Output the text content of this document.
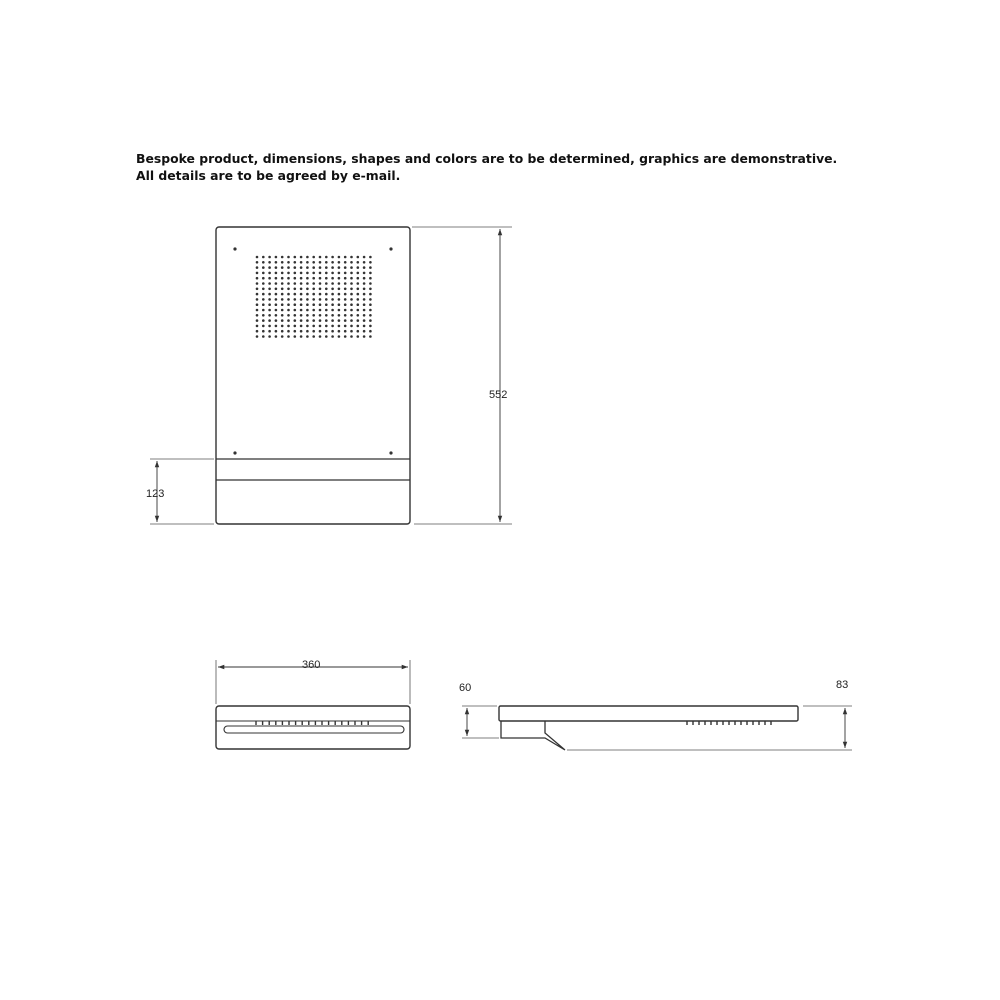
Bespoke product, dimensions, shapes and colors are to be determined, graphics are demonstrative.
All details are to be agreed by e-mail.
552
123
360
60	83
